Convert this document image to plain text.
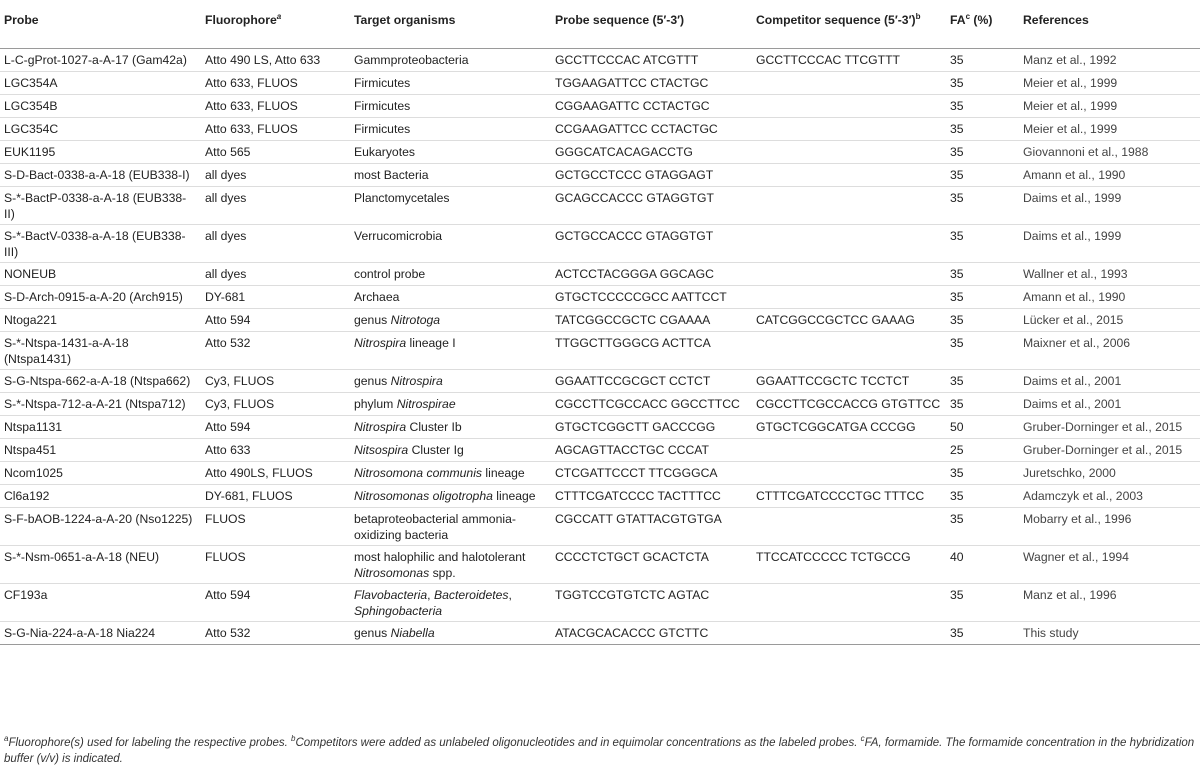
Probe	Fluorophore$^a$	Target organisms	Probe sequence (5′-3′)	Competitor sequence $(5'-3')^b$	$FA^c$ (%)	References
L-C-gProt-1027-a-A-17 (Gam42a)	Atto 490 LS, Atto 633	Gammproteobacteria	GCCTTCCCAC ATCGTTT	GCCTTCCCAC TTCGTTT	35	Manz et al., 1992
LGC354A	Atto 633, FLUOS	Firmicutes	TGGAAGATTCC CTACTGC		35	Meier et al., 1999
LGC354B	Atto 633, FLUOS	Firmicutes	CGGAAGATTC CCTACTGC		35	Meier et al., 1999
LGC354C	Atto 633, FLUOS	Firmicutes	CCGAAGATTCC CCTACTGC		35	Meier et al., 1999
EUK1195	Atto 565	Eukaryotes	GGGCATCACAGACCTG		35	Giovannoni et al., 1988
S-D-Bact-0338-a-A-18 (EUB338-I)	all dyes	most Bacteria	GCTGCCTCCC GTAGGAGT		35	Amann et al., 1990
S-*-BactP-0338-a-A-18 (EUB338-II)	all dyes	Planctomycetales	GCAGCCACCC GTAGGTGT		35	Daims et al., 1999
S-*-BactV-0338-a-A-18 (EUB338-III)	all dyes	Verrucomicrobia	GCTGCCACCC GTAGGTGT		35	Daims et al., 1999
NONEUB	all dyes	control probe	ACTCCTACGGGA GGCAGC		35	Wallner et al., 1993
S-D-Arch-0915-a-A-20 (Arch915)	DY-681	Archaea	GTGCTCCCCCGCC AATTCCT		35	Amann et al., 1990
Ntoga221	Atto 594	genus Nitrotoga	TATCGGCCGCTC CGAAAA	CATCGGCCGCTCC GAAAG	35	Lücker et al., 2015
S-*-Ntspa-1431-a-A-18 (Ntspa1431)	Atto 532	Nitrospira lineage I	TTGGCTTGGGCG ACTTCA		35	Maixner et al., 2006
S-G-Ntspa-662-a-A-18 (Ntspa662)	Cy3, FLUOS	genus Nitrospira	GGAATTCCGCGCT CCTCT	GGAATTCCGCTC TCCTCT	35	Daims et al., 2001
S-*-Ntspa-712-a-A-21 (Ntspa712)	Cy3, FLUOS	phylum Nitrospirae	CGCCTTCGCCACC GGCCTTCC	CGCCTTCGCCACCG GTGTTCC	35	Daims et al., 2001
Ntspa1131	Atto 594	Nitrospira Cluster Ib	GTGCTCGGCTT GACCCGG	GTGCTCGGCATGA CCCGG	50	Gruber-Dorninger et al., 2015
Ntspa451	Atto 633	Nitsospira Cluster Ig	AGCAGTTACCTGC CCCAT		25	Gruber-Dorninger et al., 2015
Ncom1025	Atto 490LS, FLUOS	Nitrosomona communis lineage	CTCGATTCCCT TTCGGGCA		35	Juretschko, 2000
Cl6a192	DY-681, FLUOS	Nitrosomonas oligotropha lineage	CTTTCGATCCCC TACTTTCC	CTTTCGATCCCCTGC TTTCC	35	Adamczyk et al., 2003
S-F-bAOB-1224-a-A-20 (Nso1225)	FLUOS	betaproteobacterial ammonia-oxidizing bacteria	CGCCATT GTATTACGTGTGA		35	Mobarry et al., 1996
S-*-Nsm-0651-a-A-18 (NEU)	FLUOS	most halophilic and halotolerant Nitrosomonas spp.	CCCCTCTGCT GCACTCTA	TTCCATCCCCC TCTGCCG	40	Wagner et al., 1994
CF193a	Atto 594	Flavobacteria, Bacteroidetes, Sphingobacteria	TGGTCCGTGTCTC AGTAC		35	Manz et al., 1996
S-G-Nia-224-a-A-18 Nia224	Atto 532	genus Niabella	ATACGCACACCC GTCTTC		35	This study
$^a$Fluorophore(s) used for labeling the respective probes. $^b$Competitors were added as unlabeled oligonucleotides and in equimolar concentrations as the labeled probes. $^c$FA, formamide. The formamide concentration in the hybridization buffer (v/v) is indicated.
